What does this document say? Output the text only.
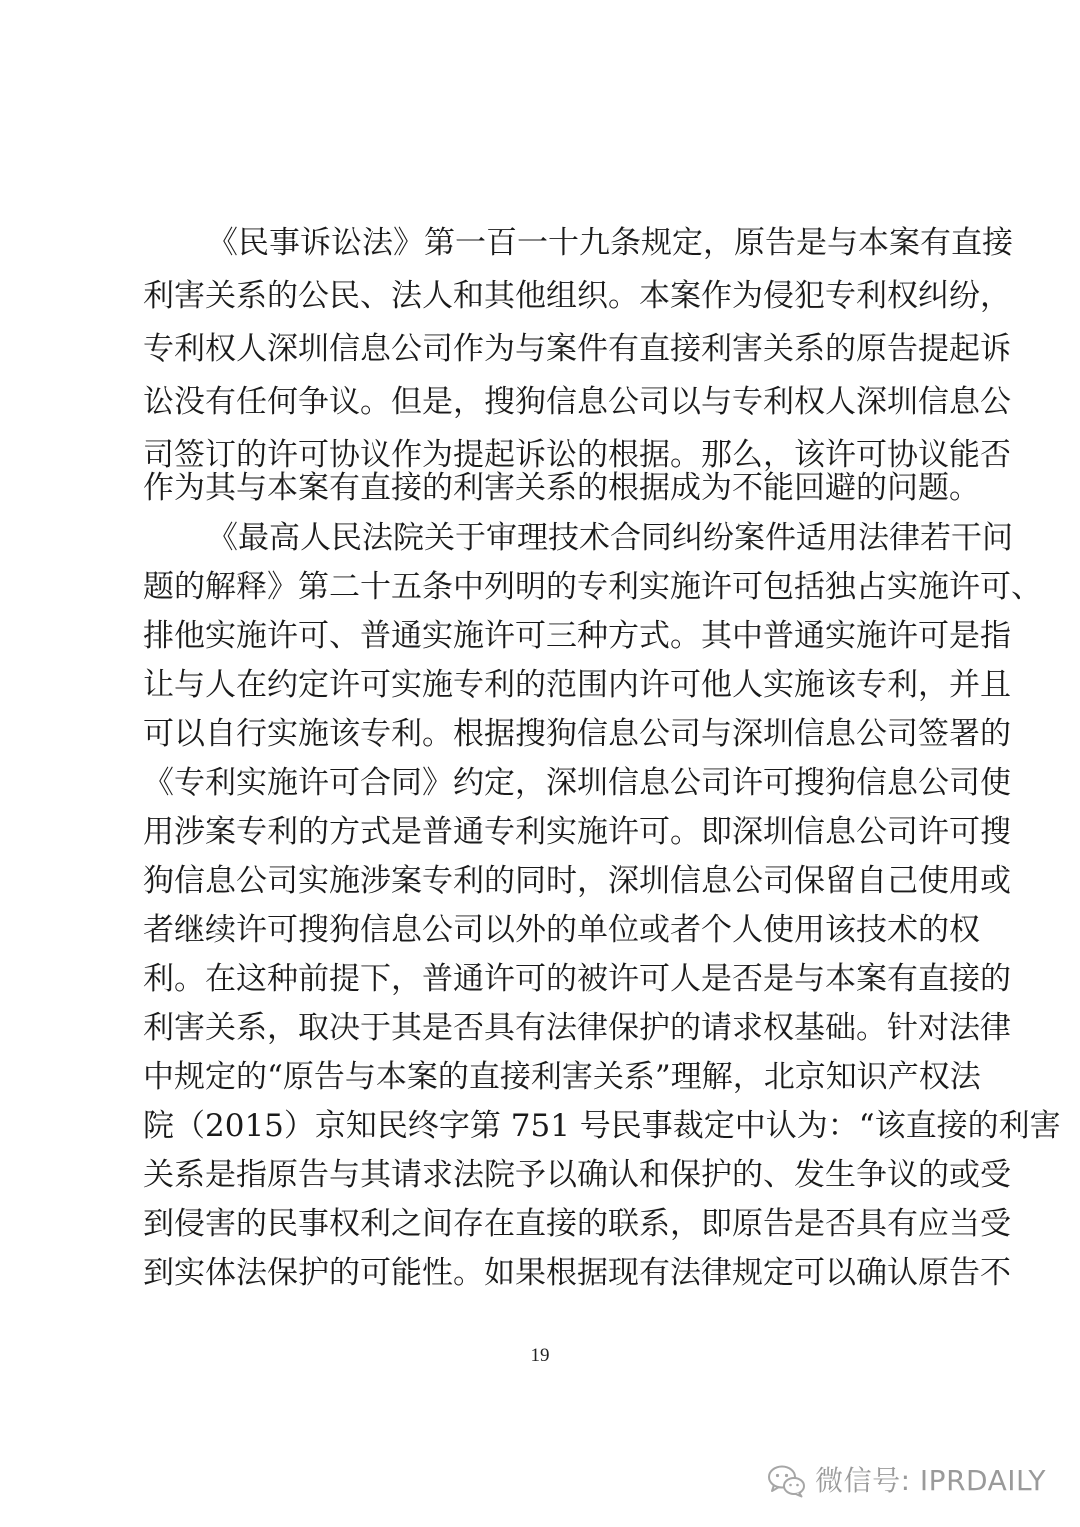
《民事诉讼法》第一百一十九条规定，原告是与本案有直接
利害关系的公民、法人和其他组织。本案作为侵犯专利权纠纷，
专利权人深圳信息公司作为与案件有直接利害关系的原告提起诉
讼没有任何争议。但是，搜狗信息公司以与专利权人深圳信息公
司签订的许可协议作为提起诉讼的根据。那么，该许可协议能否
作为其与本案有直接的利害关系的根据成为不能回避的问题。
《最高人民法院关于审理技术合同纠纷案件适用法律若干问
题的解释》第二十五条中列明的专利实施许可包括独占实施许可、
排他实施许可、普通实施许可三种方式。其中普通实施许可是指
让与人在约定许可实施专利的范围内许可他人实施该专利，并且
可以自行实施该专利。根据搜狗信息公司与深圳信息公司签署的
《专利实施许可合同》约定，深圳信息公司许可搜狗信息公司使
用涉案专利的方式是普通专利实施许可。即深圳信息公司许可搜
狗信息公司实施涉案专利的同时，深圳信息公司保留自己使用或
者继续许可搜狗信息公司以外的单位或者个人使用该技术的权
利。在这种前提下，普通许可的被许可人是否是与本案有直接的
利害关系，取决于其是否具有法律保护的请求权基础。针对法律
中规定的“原告与本案的直接利害关系”理解，北京知识产权法
院（2015）京知民终字第 751 号民事裁定中认为：“该直接的利害
关系是指原告与其请求法院予以确认和保护的、发生争议的或受
到侵害的民事权利之间存在直接的联系，即原告是否具有应当受
到实体法保护的可能性。如果根据现有法律规定可以确认原告不
19
微信号: IPRDAILY
